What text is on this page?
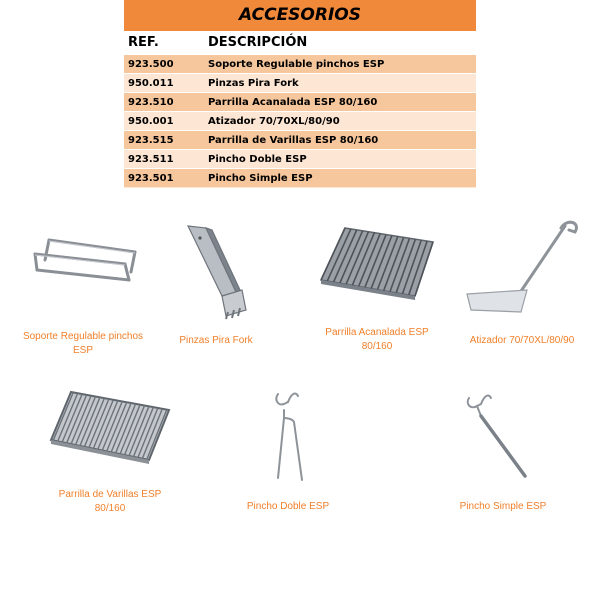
ACCESORIOS
REF.	DESCRIPCIÓN
923.500	Soporte Regulable pinchos ESP
950.011	Pinzas Pira Fork
923.510	Parrilla Acanalada ESP 80/160
950.001	Atizador 70/70XL/80/90
923.515	Parrilla de Varillas ESP 80/160
923.511	Pincho Doble ESP
923.501	Pincho Simple ESP
Soporte Regulable pinchos
ESP
Pinzas Pira Fork
Parrilla Acanalada ESP
80/160
Atizador 70/70XL/80/90
Parrilla de Varillas ESP
80/160	Pincho Doble ESP	Pincho Simple ESP
